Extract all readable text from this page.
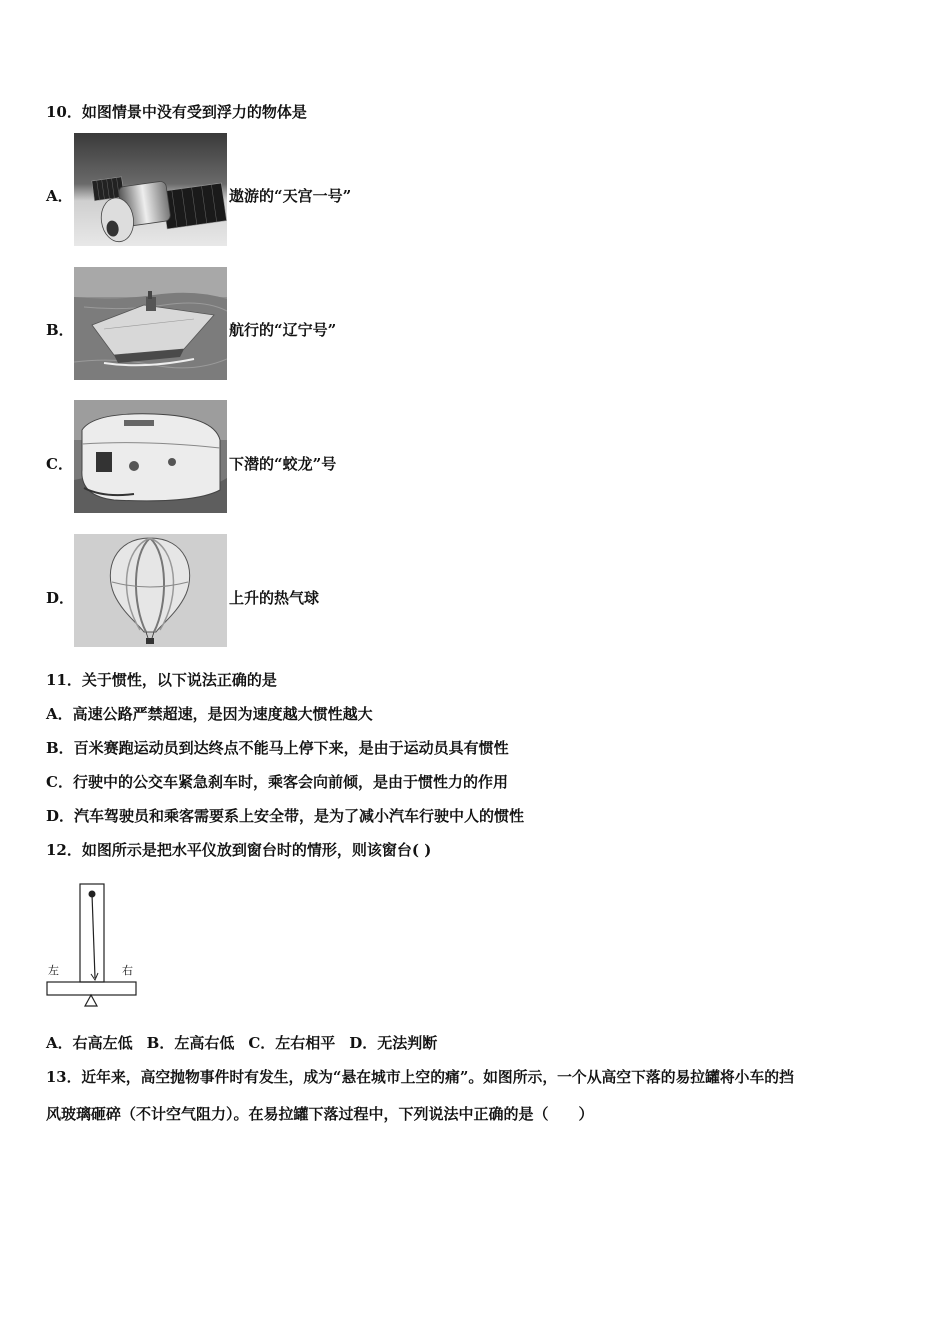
10．如图情景中没有受到浮力的物体是
A．	遨游的“天宫一号”
B．	航行的“辽宁号”
C．	下潜的“蛟龙”号
D．	上升的热气球
11．关于惯性，以下说法正确的是
A．高速公路严禁超速，是因为速度越大惯性越大
B．百米赛跑运动员到达终点不能马上停下来，是由于运动员具有惯性
C．行驶中的公交车紧急刹车时，乘客会向前倾，是由于惯性力的作用
D．汽车驾驶员和乘客需要系上安全带，是为了减小汽车行驶中人的惯性
12．如图所示是把水平仪放到窗台时的情形，则该窗台( )
左	右
A．右高左低 B．左高右低 C．左右相平 D．无法判断
13．近年来，高空抛物事件时有发生，成为“悬在城市上空的痛”。如图所示，一个从高空下落的易拉罐将小车的挡
风玻璃砸碎（不计空气阻力）。在易拉罐下落过程中，下列说法中正确的是（　　）
